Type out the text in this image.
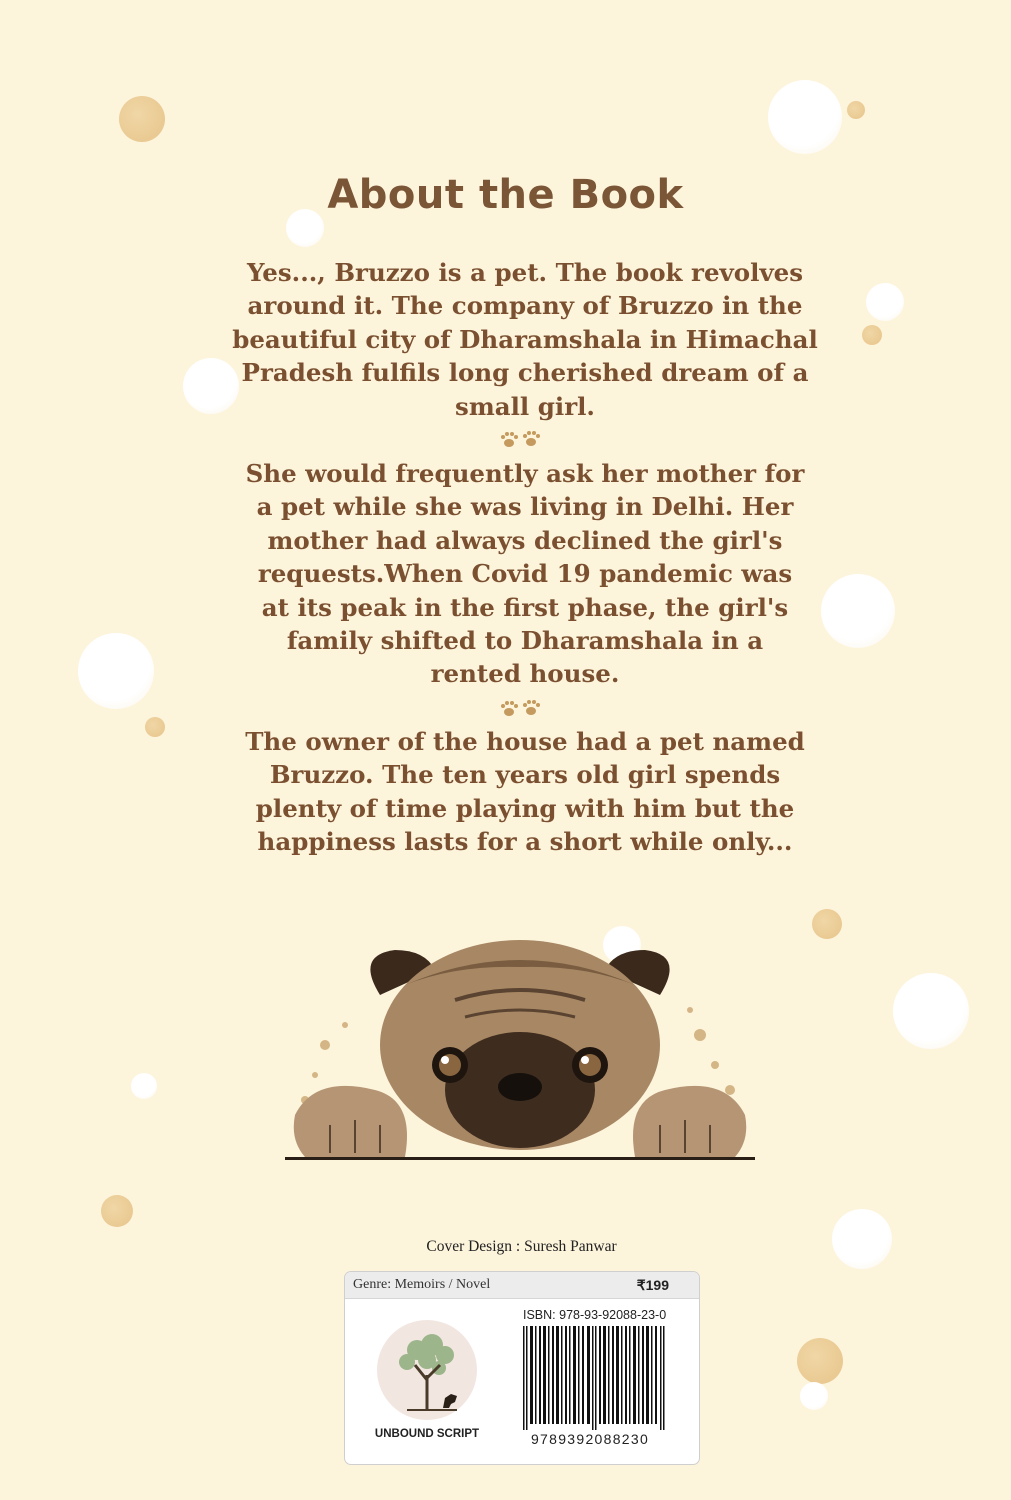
About the Book
Yes..., Bruzzo is a pet. The book revolves around it. The company of Bruzzo in the beautiful city of Dharamshala in Himachal Pradesh fulfils long cherished dream of a small girl.
She would frequently ask her mother for a pet while she was living in Delhi. Her mother had always declined the girl's requests.When Covid 19 pandemic was at its peak in the first phase, the girl's family shifted to Dharamshala in a rented house.
The owner of the house had a pet named Bruzzo. The ten years old girl spends plenty of time playing with him but the happiness lasts for a short while only...
Cover Design : Suresh Panwar
Genre: Memoirs / Novel	₹199
ISBN: 978-93-92088-23-0
UNBOUND SCRIPT	9789392088230
